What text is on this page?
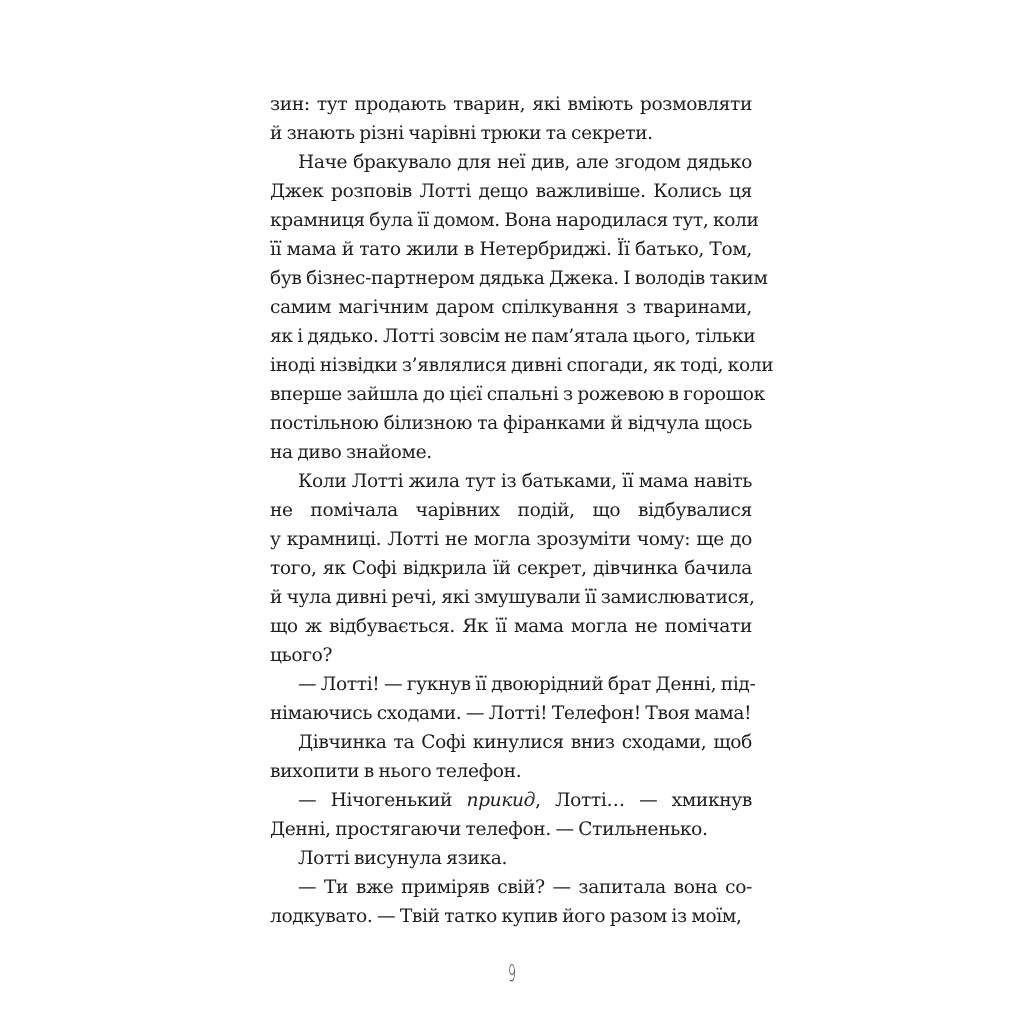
зин: тут продають тварин, які вміють розмовляти
й знають різні чарівні трюки та секрети.
Наче бракувало для неї див, але згодом дядько
Джек розповів Лотті дещо важливіше. Колись ця
крамниця була її домом. Вона народилася тут, коли
її мама й тато жили в Нетербриджі. Її батько, Том,
був бізнес-партнером дядька Джека. І володів таким
самим магічним даром спілкування з тваринами,
як і дядько. Лотті зовсім не пам’ятала цього, тільки
іноді нізвідки з’являлися дивні спогади, як тоді, коли
вперше зайшла до цієї спальні з рожевою в горошок
постільною білизною та фіранками й відчула щось
на диво знайоме.
Коли Лотті жила тут із батьками, її мама навіть
не помічала чарівних подій, що відбувалися
у крамниці. Лотті не могла зрозуміти чому: ще до
того, як Софі відкрила їй секрет, дівчинка бачила
й чула дивні речі, які змушували її замислюватися,
що ж відбувається. Як її мама могла не помічати
цього?
— Лотті! — гукнув її двоюрідний брат Денні, під-
німаючись сходами. — Лотті! Телефон! Твоя мама!
Дівчинка та Софі кинулися вниз сходами, щоб
вихопити в нього телефон.
— Нічогенький прикид, Лотті… — хмикнув
Денні, простягаючи телефон. — Стильненько.
Лотті висунула язика.
— Ти вже приміряв свій? — запитала вона со-
лодкувато. — Твій татко купив його разом із моїм,
9
